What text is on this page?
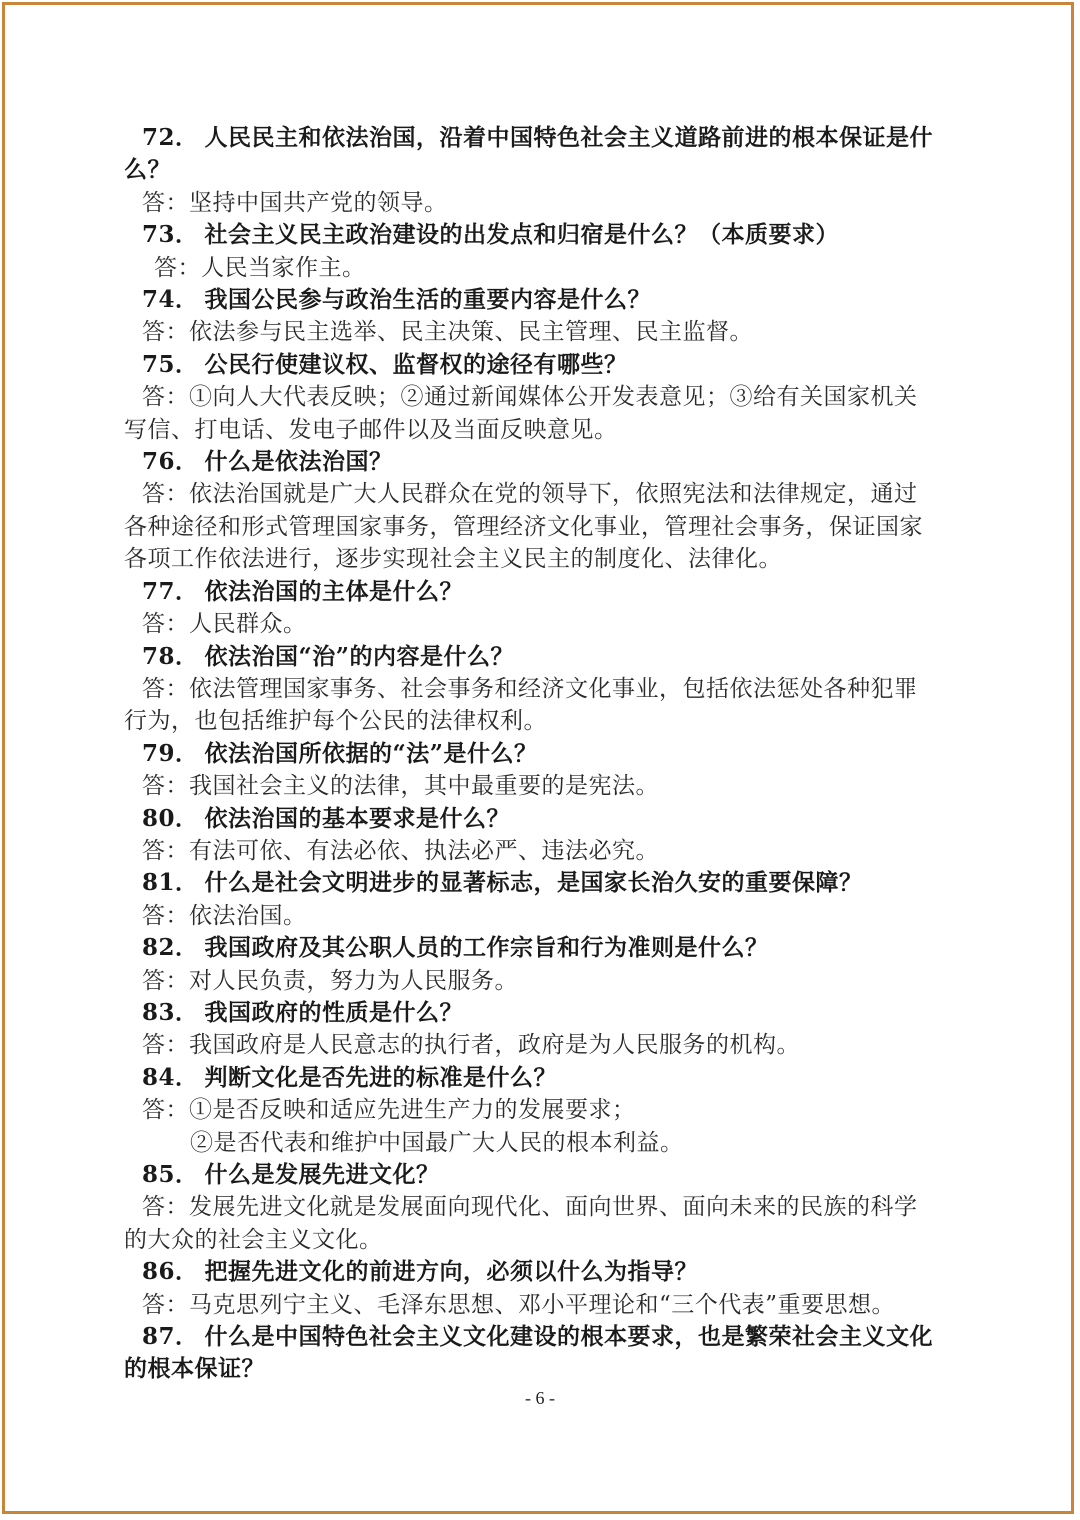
72． 人民民主和依法治国，沿着中国特色社会主义道路前进的根本保证是什
么？
答：坚持中国共产党的领导。
73． 社会主义民主政治建设的出发点和归宿是什么？（本质要求）
答：人民当家作主。
74． 我国公民参与政治生活的重要内容是什么？
答：依法参与民主选举、民主决策、民主管理、民主监督。
75． 公民行使建议权、监督权的途径有哪些？
答：①向人大代表反映；②通过新闻媒体公开发表意见；③给有关国家机关
写信、打电话、发电子邮件以及当面反映意见。
76． 什么是依法治国？
答：依法治国就是广大人民群众在党的领导下，依照宪法和法律规定，通过
各种途径和形式管理国家事务，管理经济文化事业，管理社会事务，保证国家
各项工作依法进行，逐步实现社会主义民主的制度化、法律化。
77． 依法治国的主体是什么？
答：人民群众。
78． 依法治国“治”的内容是什么？
答：依法管理国家事务、社会事务和经济文化事业，包括依法惩处各种犯罪
行为，也包括维护每个公民的法律权利。
79． 依法治国所依据的“法”是什么？
答：我国社会主义的法律，其中最重要的是宪法。
80． 依法治国的基本要求是什么？
答：有法可依、有法必依、执法必严、违法必究。
81． 什么是社会文明进步的显著标志，是国家长治久安的重要保障？
答：依法治国。
82． 我国政府及其公职人员的工作宗旨和行为准则是什么？
答：对人民负责，努力为人民服务。
83． 我国政府的性质是什么？
答：我国政府是人民意志的执行者，政府是为人民服务的机构。
84． 判断文化是否先进的标准是什么？
答：①是否反映和适应先进生产力的发展要求；
②是否代表和维护中国最广大人民的根本利益。
85． 什么是发展先进文化？
答：发展先进文化就是发展面向现代化、面向世界、面向未来的民族的科学
的大众的社会主义文化。
86． 把握先进文化的前进方向，必须以什么为指导？
答：马克思列宁主义、毛泽东思想、邓小平理论和“三个代表”重要思想。
87． 什么是中国特色社会主义文化建设的根本要求，也是繁荣社会主义文化
的根本保证？
- 6 -
